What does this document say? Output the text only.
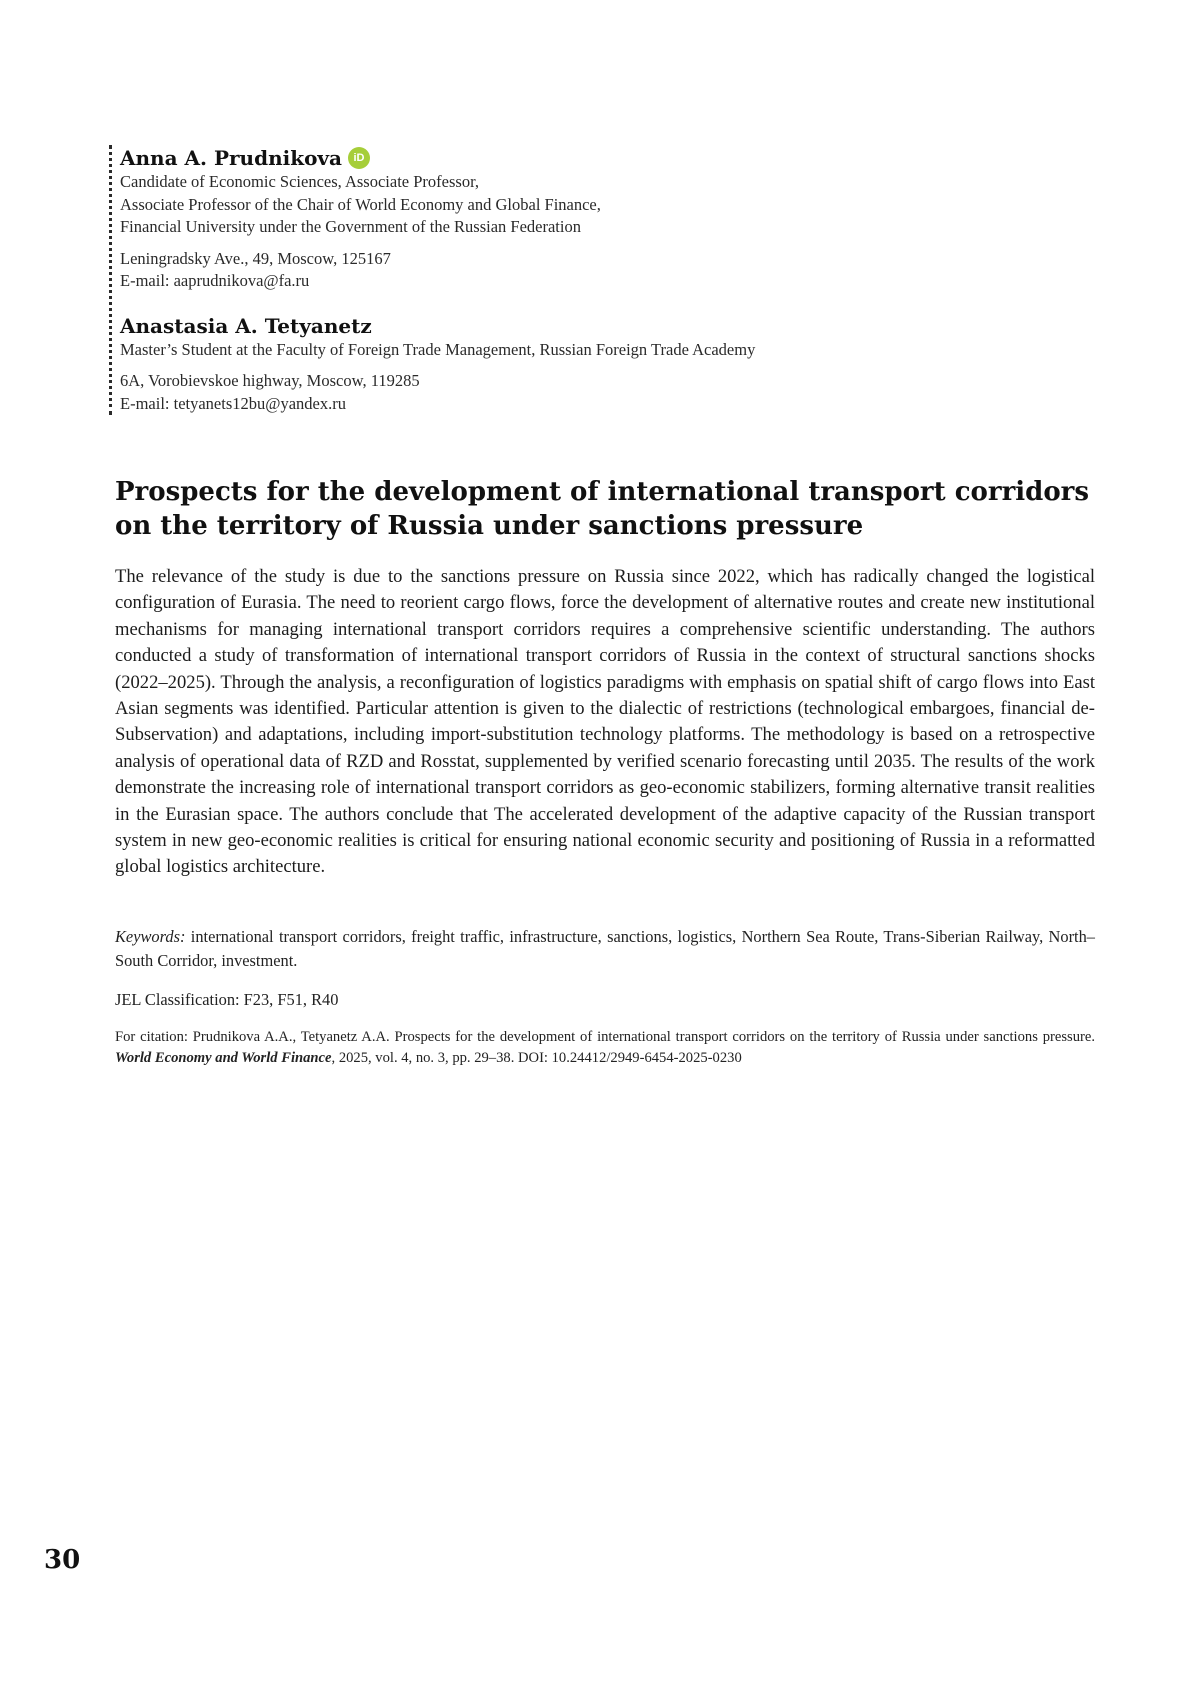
Anna A. Prudnikova	iD
Candidate of Economic Sciences, Associate Professor,
Associate Professor of the Chair of World Economy and Global Finance,
Financial University under the Government of the Russian Federation
Leningradsky Ave., 49, Moscow, 125167
E-mail: aaprudnikova@fa.ru
Anastasia A. Tetyanetz
Master’s Student at the Faculty of Foreign Trade Management, Russian Foreign Trade Academy
6A, Vorobievskoe highway, Moscow, 119285
E-mail: tetyanets12bu@yandex.ru
Prospects for the development of international transport corridors on the territory of Russia under sanctions pressure

The relevance of the study is due to the sanctions pressure on Russia since 2022, which has radically changed the logistical configuration of Eurasia. The need to reorient cargo flows, force the development of alternative routes and create new institutional mechanisms for managing international transport corridors requires a comprehensive scientific understanding. The authors conducted a study of transformation of international transport corridors of Russia in the context of structural sanctions shocks (2022–2025). Through the analysis, a reconfiguration of logistics paradigms with emphasis on spatial shift of cargo flows into East Asian segments was identified. Particular attention is given to the dialectic of restrictions (technological embargoes, financial de-Subservation) and adaptations, including import-substitution technology platforms. The methodology is based on a retrospective analysis of operational data of RZD and Rosstat, supplemented by verified scenario forecasting until 2035. The results of the work demonstrate the increasing role of international transport corridors as geo-economic stabilizers, forming alternative transit realities in the Eurasian space. The authors conclude that The accelerated development of the adaptive capacity of the Russian transport system in new geo-economic realities is critical for ensuring national economic security and positioning of Russia in a reformatted global logistics architecture.

Keywords: international transport corridors, freight traffic, infrastructure, sanctions, logistics, Northern Sea Route, Trans-Siberian Railway, North–South Corridor, investment.

JEL Classification: F23, F51, R40

For citation: Prudnikova A.A., Tetyanetz A.A. Prospects for the development of international transport corridors on the territory of Russia under sanctions pressure. World Economy and World Finance, 2025, vol. 4, no. 3, pp. 29–38. DOI: 10.24412/2949-6454-2025-0230

30
